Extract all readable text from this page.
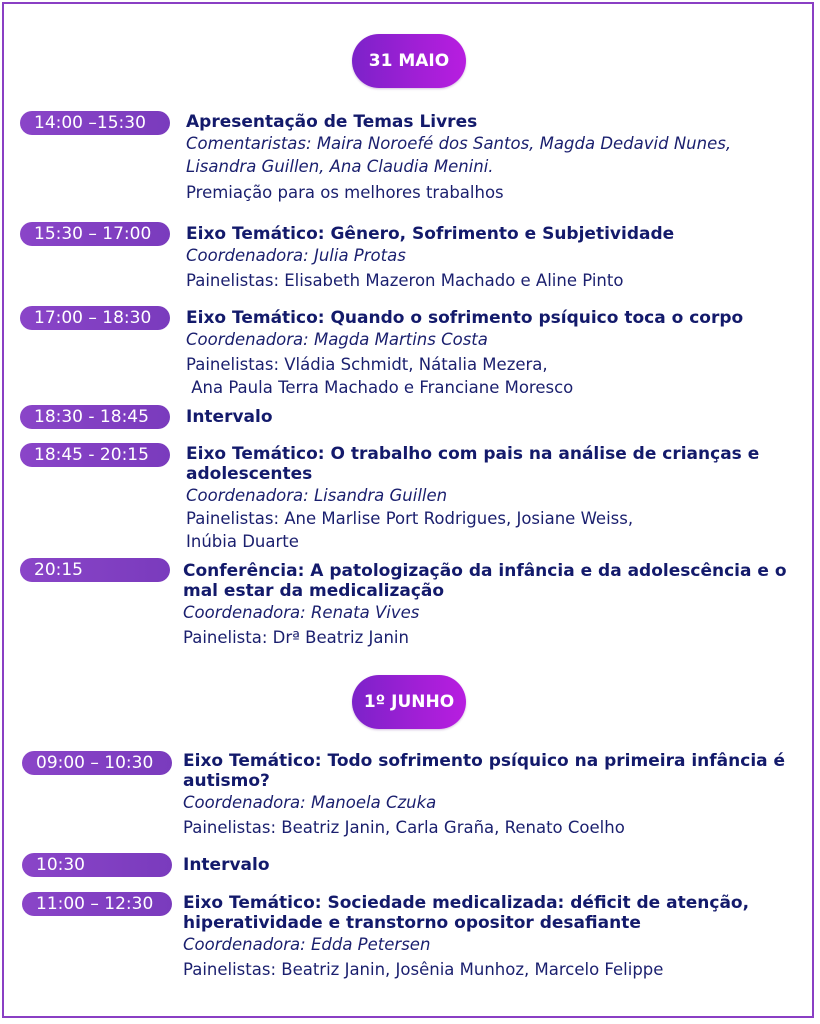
31 MAIO
1º JUNHO
14:00 –15:30	Apresentação de Temas Livres
Comentaristas: Maira Noroefé dos Santos, Magda Dedavid Nunes,
Lisandra Guillen, Ana Claudia Menini.
Premiação para os melhores trabalhos
15:30 – 17:00	Eixo Temático: Gênero, Sofrimento e Subjetividade
Coordenadora: Julia Protas
Painelistas: Elisabeth Mazeron Machado e Aline Pinto
17:00 – 18:30	Eixo Temático: Quando o sofrimento psíquico toca o corpo
Coordenadora: Magda Martins Costa
Painelistas: Vládia Schmidt, Nátalia Mezera,
Ana Paula Terra Machado e Franciane Moresco
18:30 - 18:45	Intervalo
18:45 - 20:15	Eixo Temático: O trabalho com pais na análise de crianças e adolescentes
Coordenadora: Lisandra Guillen
Painelistas: Ane Marlise Port Rodrigues, Josiane Weiss,
Inúbia Duarte
20:15	Conferência: A patologização da infância e da adolescência e o mal estar da medicalização
Coordenadora: Renata Vives
Painelista: Drª Beatriz Janin
09:00 – 10:30	Eixo Temático: Todo sofrimento psíquico na primeira infância é autismo?
Coordenadora: Manoela Czuka
Painelistas: Beatriz Janin, Carla Graña, Renato Coelho
10:30	Intervalo
11:00 – 12:30	Eixo Temático: Sociedade medicalizada: déficit de atenção, hiperatividade e transtorno opositor desafiante
Coordenadora: Edda Petersen
Painelistas: Beatriz Janin, Josênia Munhoz, Marcelo Felippe
